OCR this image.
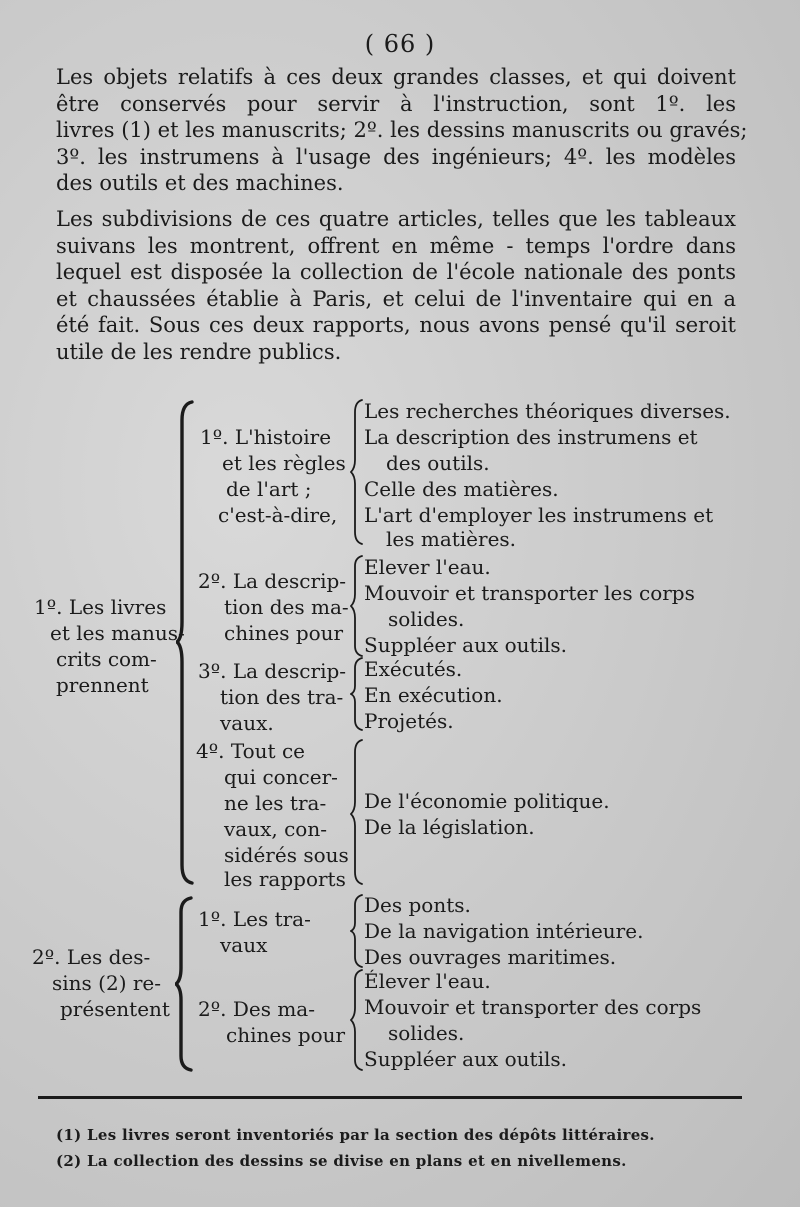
( 66 )
Les objets relatifs à ces deux grandes classes, et qui doivent
être conservés pour servir à l'instruction, sont 1º. les
livres (1) et les manuscrits; 2º. les dessins manuscrits ou gravés;
3º. les instrumens à l'usage des ingénieurs; 4º. les modèles
des outils et des machines.
Les subdivisions de ces quatre articles, telles que les tableaux
suivans les montrent, offrent en même - temps l'ordre dans
lequel est disposée la collection de l'école nationale des ponts
et chaussées établie à Paris, et celui de l'inventaire qui en a
été fait. Sous ces deux rapports, nous avons pensé qu'il seroit
utile de les rendre publics.
1º. Les livres
et les manus-
crits com-
prennent
1º. L'histoire
et les règles
de l'art ;
c'est-à-dire,
Les recherches théoriques diverses.
La description des instrumens et
des outils.
Celle des matières.
L'art d'employer les instrumens et
les matières.
2º. La descrip-
tion des ma-
chines pour
Elever l'eau.
Mouvoir et transporter les corps
solides.
Suppléer aux outils.
3º. La descrip-
tion des tra-
vaux.
Exécutés.
En exécution.
Projetés.
4º. Tout ce
qui concer-
ne les tra-
vaux, con-
sidérés sous
les rapports
De l'économie politique.
De la législation.
2º. Les des-
sins (2) re-
présentent
1º. Les tra-
vaux
Des ponts.
De la navigation intérieure.
Des ouvrages maritimes.
2º. Des ma-
chines pour
Élever l'eau.
Mouvoir et transporter des corps
solides.
Suppléer aux outils.
(1) Les livres seront inventoriés par la section des dépôts littéraires.
(2) La collection des dessins se divise en plans et en nivellemens.
